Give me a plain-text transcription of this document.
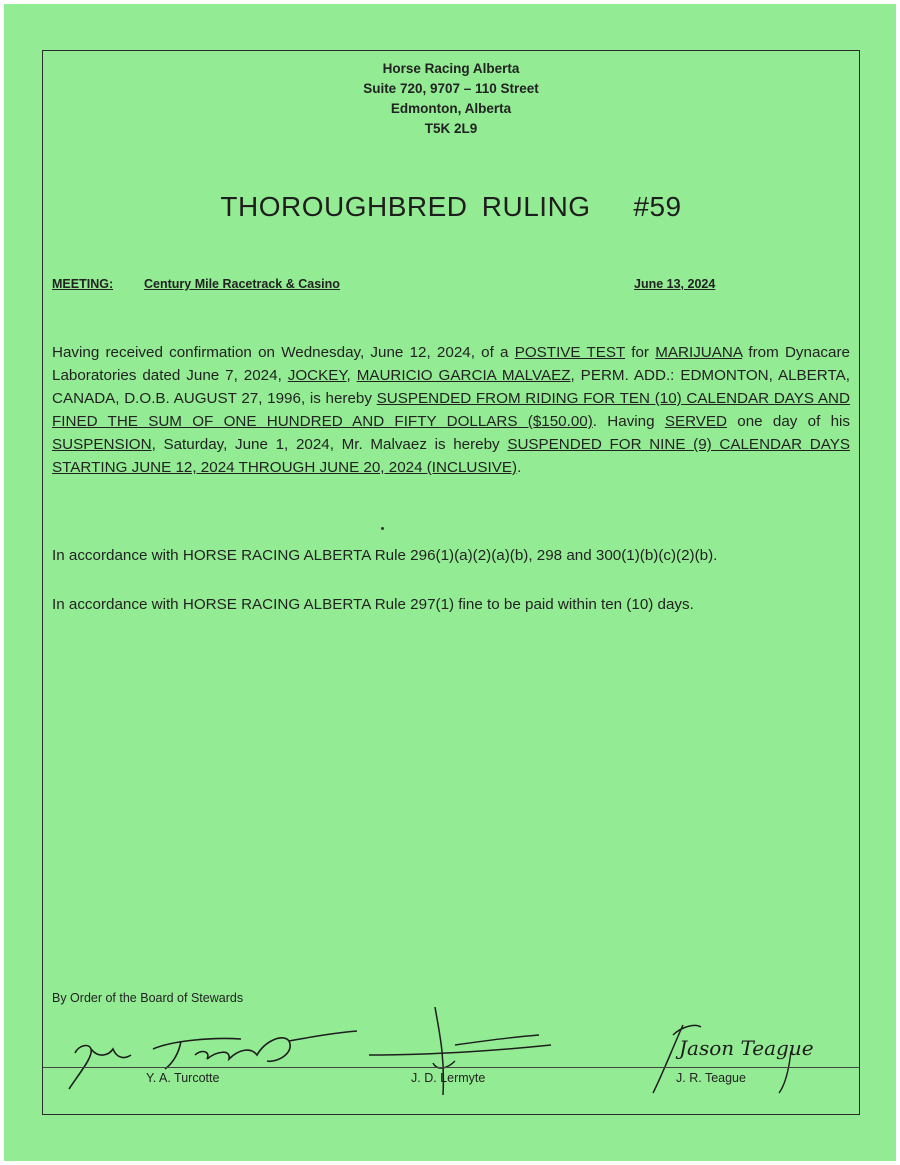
Horse Racing Alberta
Suite 720, 9707 – 110 Street
Edmonton, Alberta
T5K 2L9
THOROUGHBRED RULING   #59
MEETING: Century Mile Racetrack & Casino	June 13, 2024
Having received confirmation on Wednesday, June 12, 2024, of a POSTIVE TEST for MARIJUANA from Dynacare Laboratories dated June 7, 2024, JOCKEY, MAURICIO GARCIA MALVAEZ, PERM. ADD.: EDMONTON, ALBERTA, CANADA, D.O.B. AUGUST 27, 1996, is hereby SUSPENDED FROM RIDING FOR TEN (10) CALENDAR DAYS AND FINED THE SUM OF ONE HUNDRED AND FIFTY DOLLARS ($150.00). Having SERVED one day of his SUSPENSION, Saturday, June 1, 2024, Mr. Malvaez is hereby SUSPENDED FOR NINE (9) CALENDAR DAYS STARTING JUNE 12, 2024 THROUGH JUNE 20, 2024 (INCLUSIVE).
In accordance with HORSE RACING ALBERTA Rule 296(1)(a)(2)(a)(b), 298 and 300(1)(b)(c)(2)(b).
In accordance with HORSE RACING ALBERTA Rule 297(1) fine to be paid within ten (10) days.
By Order of the Board of Stewards
Jason Teague
Y. A. Turcotte	J. D. Lermyte	J. R. Teague
